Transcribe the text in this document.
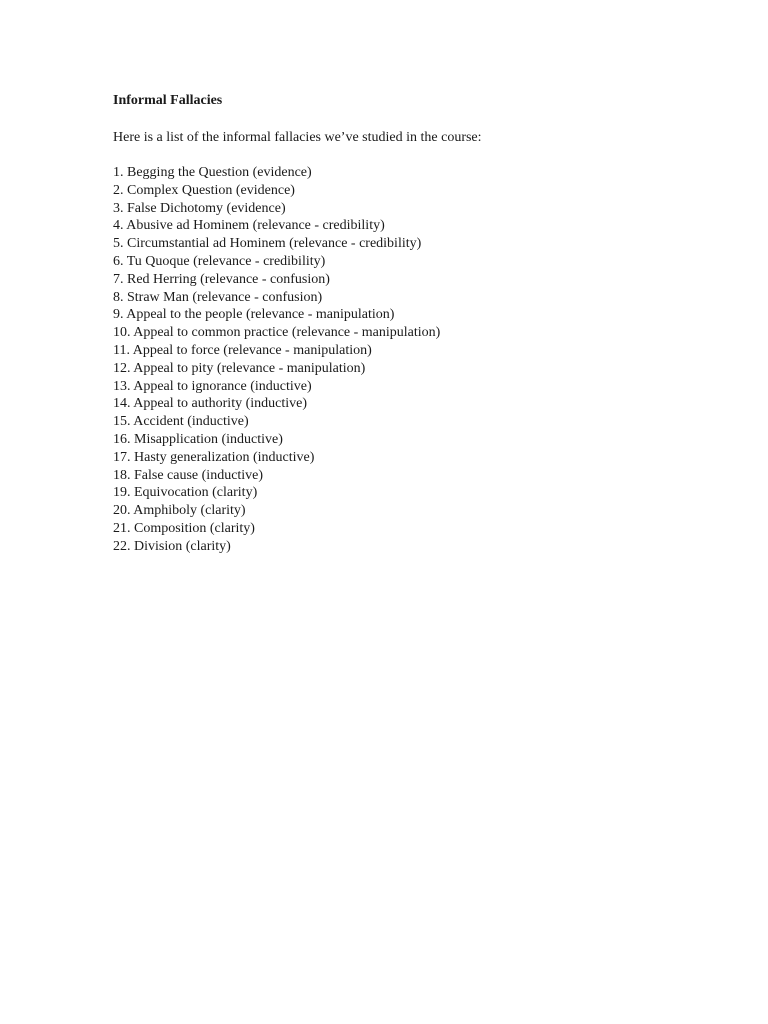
Informal Fallacies

Here is a list of the informal fallacies we’ve studied in the course:

1. Begging the Question (evidence)
2. Complex Question (evidence)
3. False Dichotomy (evidence)
4. Abusive ad Hominem (relevance - credibility)
5. Circumstantial ad Hominem (relevance - credibility)
6. Tu Quoque (relevance - credibility)
7. Red Herring (relevance - confusion)
8. Straw Man (relevance - confusion)
9. Appeal to the people (relevance - manipulation)
10. Appeal to common practice (relevance - manipulation)
11. Appeal to force (relevance - manipulation)
12. Appeal to pity (relevance - manipulation)
13. Appeal to ignorance (inductive)
14. Appeal to authority (inductive)
15. Accident (inductive)
16. Misapplication (inductive)
17. Hasty generalization (inductive)
18. False cause (inductive)
19. Equivocation (clarity)
20. Amphiboly (clarity)
21. Composition (clarity)
22. Division (clarity)
